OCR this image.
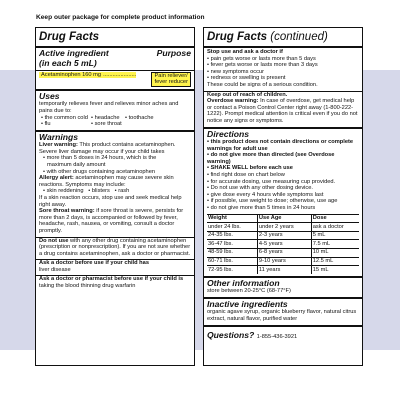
Keep outer package for complete product information
Drug Facts
Active ingredient
(in each 5 mL)
Purpose
Acetaminophen 160 mg .....................	Pain reliever/
fever reducer
Uses
temporarily relieves fever and relieves minor aches and pains due to:
• the common cold • headache • toothache
• flu	• sore throat
Warnings
Liver warning: This product contains acetaminophen. Severe liver damage may occur if your child takes
• more than 5 doses in 24 hours, which is the
maximum daily amount
• with other drugs containing acetaminophen
Allergy alert: acetaminophen may cause severe skin reactions. Symptoms may include:
• skin reddening   • blisters   • rash
If a skin reaction occurs, stop use and seek medical help right away.
Sore throat warning: if sore throat is severe, persists for more than 2 days, is accompanied or followed by fever, headache, rash, nausea, or vomiting, consult a doctor promptly.
Do not use with any other drug containing acetaminophen (prescription or nonprescription). If you are not sure whether a drug contains acetaminophen, ask a doctor or pharmacist.
Ask a doctor before use if your child has
liver disease
Ask a doctor or pharmacist before use if your child is taking the blood thinning drug warfarin
Drug Facts (continued)
Stop use and ask a doctor if
• pain gets worse or lasts more than 5 days
• fever gets worse or lasts more than 3 days
• new symptoms occur
• redness or swelling is present
These could be signs of a serious condition.
Keep out of reach of children.
Overdose warning: In case of overdose, get medical help or contact a Poison Control Center right away (1-800-222-1222). Prompt medical attention is critical even if you do not notice any signs or symptoms.
Directions
• this product does not contain directions or complete warnings for adult use
• do not give more than directed (see Overdose warning)
• SHAKE WELL before each use
• find right dose on chart below
• for accurate dosing, use measuring cup provided.
• Do not use with any other dosing device.
• give dose every 4 hours while symptoms last
• if possible, use weight to dose; otherwise, use age
• do not give more than 5 times in 24 hours
Weight	Use Age	Dose
under 24 lbs.	under 2 years	ask a doctor
24-35 lbs.	2-3 years	5 mL
36-47 lbs.	4-5 years	7.5 mL
48-59 lbs.	6-8 years	10 mL
60-71 lbs.	9-10 years	12.5 mL
72-95 lbs.	11 years	15 mL
Other information
store between 20-25°C (68-77°F)
Inactive ingredients
organic agave syrup, organic blueberry flavor, natural citrus extract, natural flavor, purified water
Questions? 1-855-436-3921
